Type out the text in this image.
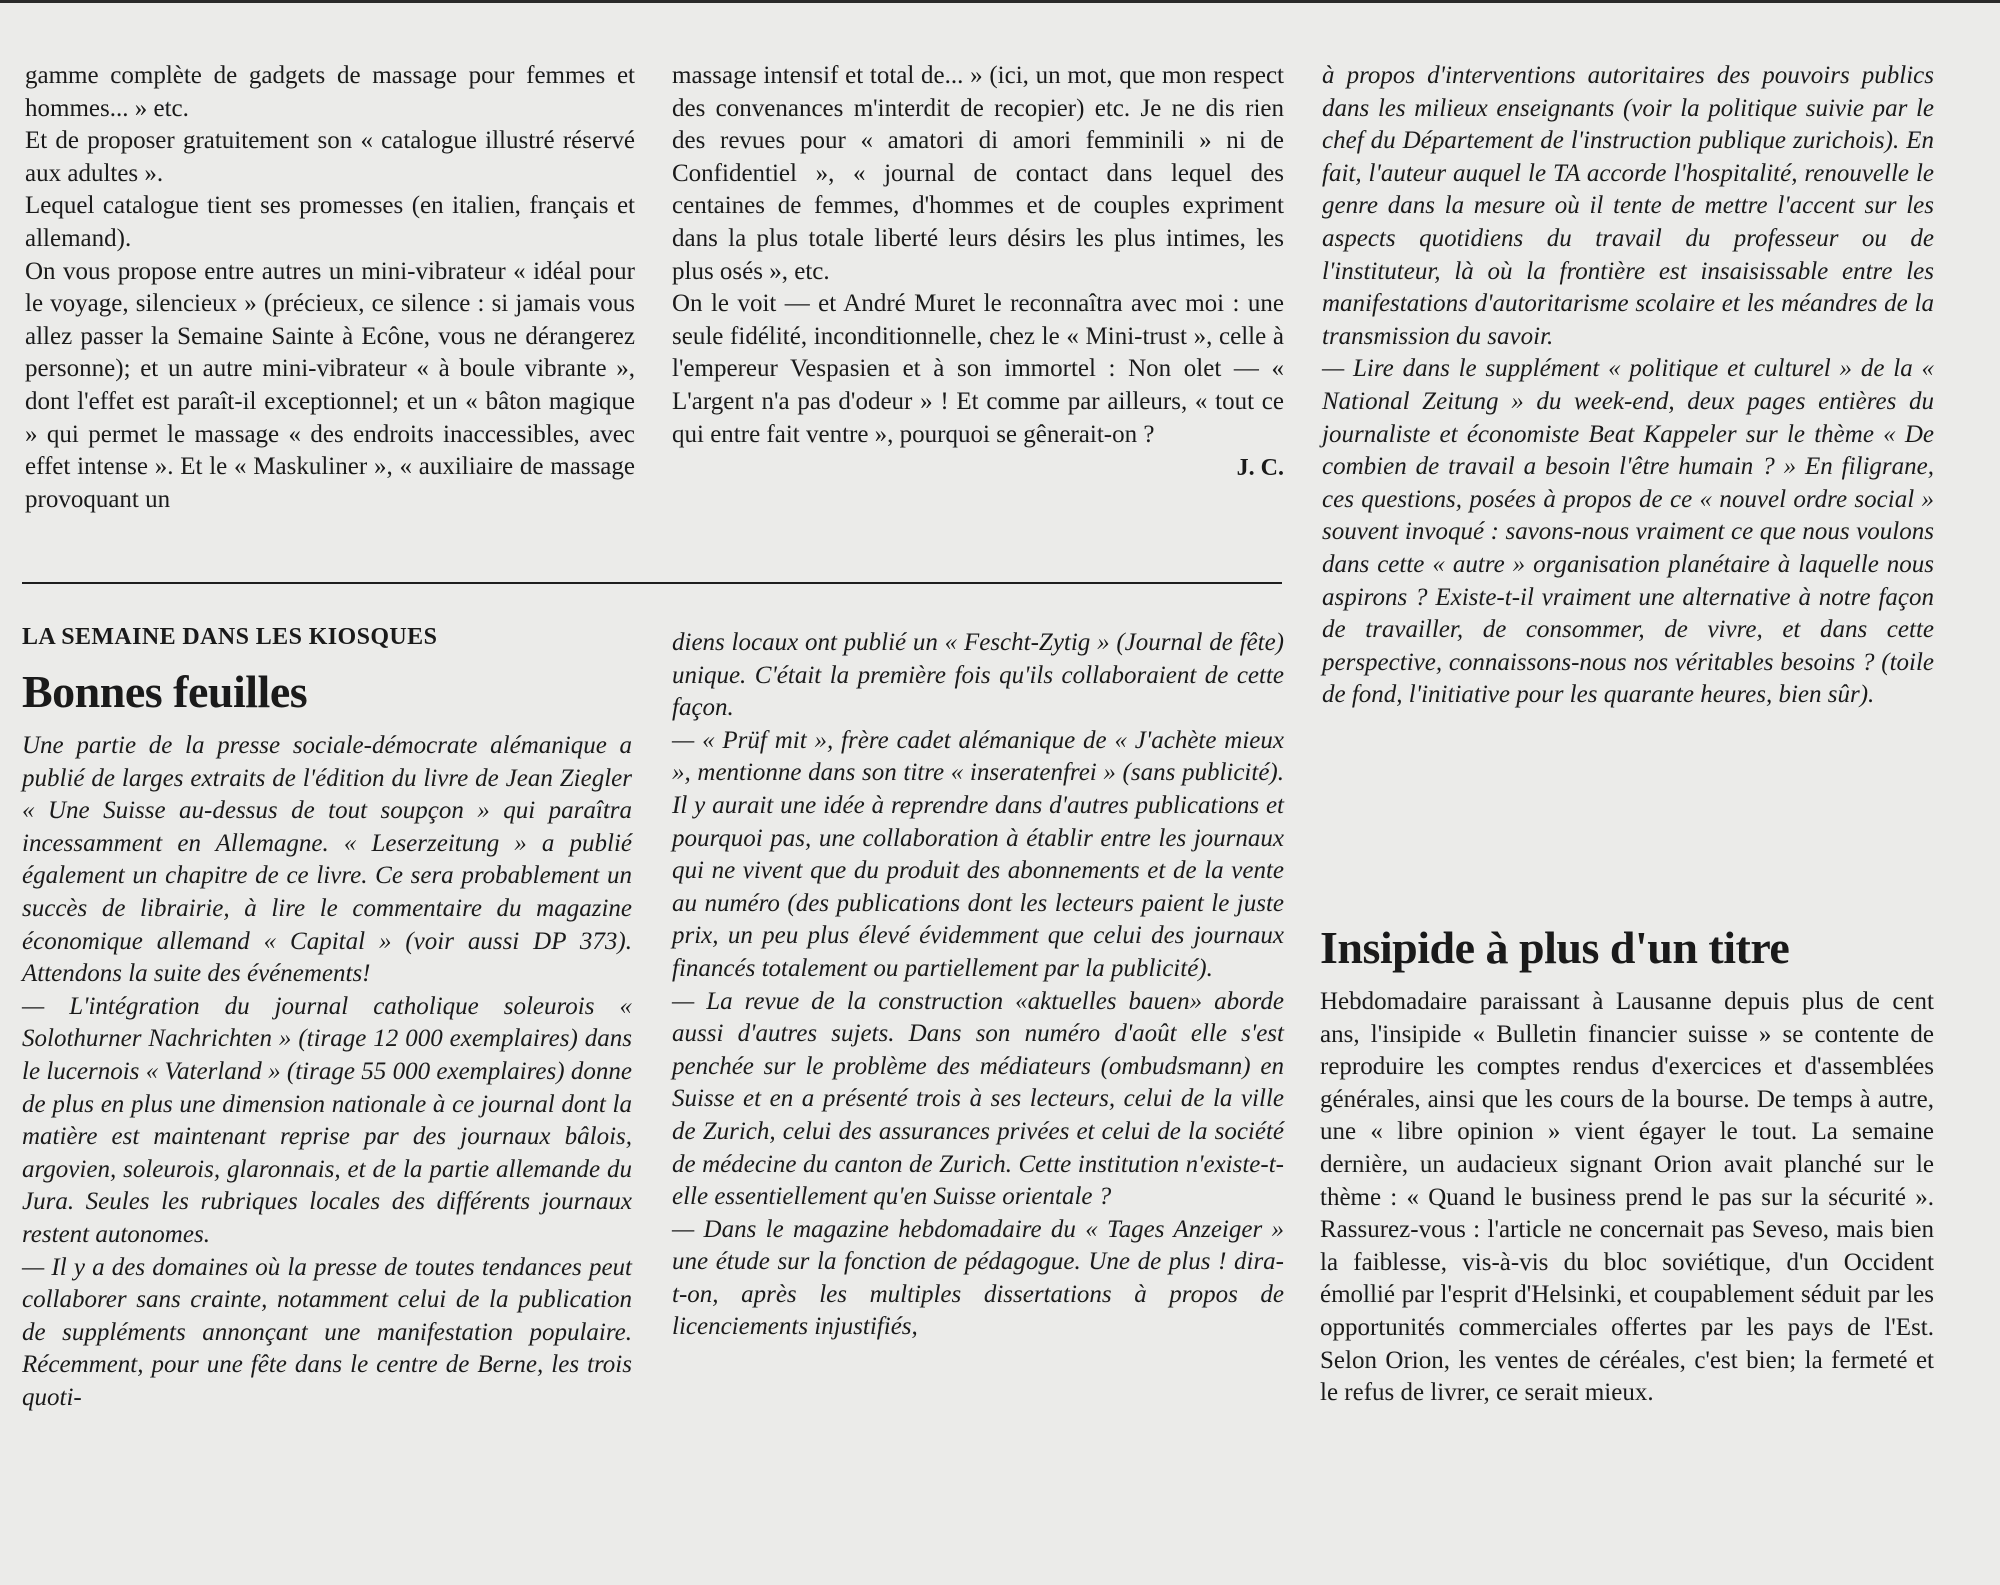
gamme complète de gadgets de massage pour femmes et hommes... » etc.

Et de proposer gratuitement son « catalogue illustré réservé aux adultes ».

Lequel catalogue tient ses promesses (en italien, français et allemand).

On vous propose entre autres un mini-vibrateur « idéal pour le voyage, silencieux » (précieux, ce silence : si jamais vous allez passer la Semaine Sainte à Ecône, vous ne dérangerez personne); et un autre mini-vibrateur « à boule vibrante », dont l'effet est paraît-il exceptionnel; et un « bâton magique » qui permet le massage « des endroits inaccessibles, avec effet intense ». Et le « Maskuliner », « auxiliaire de massage provoquant un

massage intensif et total de... » (ici, un mot, que mon respect des convenances m'interdit de recopier) etc. Je ne dis rien des revues pour « amatori di amori femminili » ni de Confidentiel », « journal de contact dans lequel des centaines de femmes, d'hommes et de couples expriment dans la plus totale liberté leurs désirs les plus intimes, les plus osés », etc.

On le voit — et André Muret le reconnaîtra avec moi : une seule fidélité, inconditionnelle, chez le « Mini-trust », celle à l'empereur Vespasien et à son immortel : Non olet — « L'argent n'a pas d'odeur » ! Et comme par ailleurs, « tout ce qui entre fait ventre », pourquoi se gênerait-on ?

J. C.

LA SEMAINE DANS LES KIOSQUES

Bonnes feuilles

Une partie de la presse sociale-démocrate alémanique a publié de larges extraits de l'édition du livre de Jean Ziegler « Une Suisse au-dessus de tout soupçon » qui paraîtra incessamment en Allemagne. « Leserzeitung » a publié également un chapitre de ce livre. Ce sera probablement un succès de librairie, à lire le commentaire du magazine économique allemand « Capital » (voir aussi DP 373). Attendons la suite des événements!

— L'intégration du journal catholique soleurois « Solothurner Nachrichten » (tirage 12 000 exemplaires) dans le lucernois « Vaterland » (tirage 55 000 exemplaires) donne de plus en plus une dimension nationale à ce journal dont la matière est maintenant reprise par des journaux bâlois, argovien, soleurois, glaronnais, et de la partie allemande du Jura. Seules les rubriques locales des différents journaux restent autonomes.

— Il y a des domaines où la presse de toutes tendances peut collaborer sans crainte, notamment celui de la publication de suppléments annonçant une manifestation populaire. Récemment, pour une fête dans le centre de Berne, les trois quoti-

diens locaux ont publié un « Fescht-Zytig » (Journal de fête) unique. C'était la première fois qu'ils collaboraient de cette façon.

— « Prüf mit », frère cadet alémanique de « J'achète mieux », mentionne dans son titre « inseratenfrei » (sans publicité). Il y aurait une idée à reprendre dans d'autres publications et pourquoi pas, une collaboration à établir entre les journaux qui ne vivent que du produit des abonnements et de la vente au numéro (des publications dont les lecteurs paient le juste prix, un peu plus élevé évidemment que celui des journaux financés totalement ou partiellement par la publicité).

— La revue de la construction «aktuelles bauen» aborde aussi d'autres sujets. Dans son numéro d'août elle s'est penchée sur le problème des médiateurs (ombudsmann) en Suisse et en a présenté trois à ses lecteurs, celui de la ville de Zurich, celui des assurances privées et celui de la société de médecine du canton de Zurich. Cette institution n'existe-t-elle essentiellement qu'en Suisse orientale ?

— Dans le magazine hebdomadaire du « Tages Anzeiger » une étude sur la fonction de pédagogue. Une de plus ! dira-t-on, après les multiples dissertations à propos de licenciements injustifiés,

à propos d'interventions autoritaires des pouvoirs publics dans les milieux enseignants (voir la politique suivie par le chef du Département de l'instruction publique zurichois). En fait, l'auteur auquel le TA accorde l'hospitalité, renouvelle le genre dans la mesure où il tente de mettre l'accent sur les aspects quotidiens du travail du professeur ou de l'instituteur, là où la frontière est insaisissable entre les manifestations d'autoritarisme scolaire et les méandres de la transmission du savoir.

— Lire dans le supplément « politique et culturel » de la « National Zeitung » du week-end, deux pages entières du journaliste et économiste Beat Kappeler sur le thème « De combien de travail a besoin l'être humain ? » En filigrane, ces questions, posées à propos de ce « nouvel ordre social » souvent invoqué : savons-nous vraiment ce que nous voulons dans cette « autre » organisation planétaire à laquelle nous aspirons ? Existe-t-il vraiment une alternative à notre façon de travailler, de consommer, de vivre, et dans cette perspective, connaissons-nous nos véritables besoins ? (toile de fond, l'initiative pour les quarante heures, bien sûr).

Insipide à plus d'un titre

Hebdomadaire paraissant à Lausanne depuis plus de cent ans, l'insipide « Bulletin financier suisse » se contente de reproduire les comptes rendus d'exercices et d'assemblées générales, ainsi que les cours de la bourse. De temps à autre, une « libre opinion » vient égayer le tout. La semaine dernière, un audacieux signant Orion avait planché sur le thème : « Quand le business prend le pas sur la sécurité ». Rassurez-vous : l'article ne concernait pas Seveso, mais bien la faiblesse, vis-à-vis du bloc soviétique, d'un Occident émollié par l'esprit d'Helsinki, et coupablement séduit par les opportunités commerciales offertes par les pays de l'Est. Selon Orion, les ventes de céréales, c'est bien; la fermeté et le refus de livrer, ce serait mieux.
